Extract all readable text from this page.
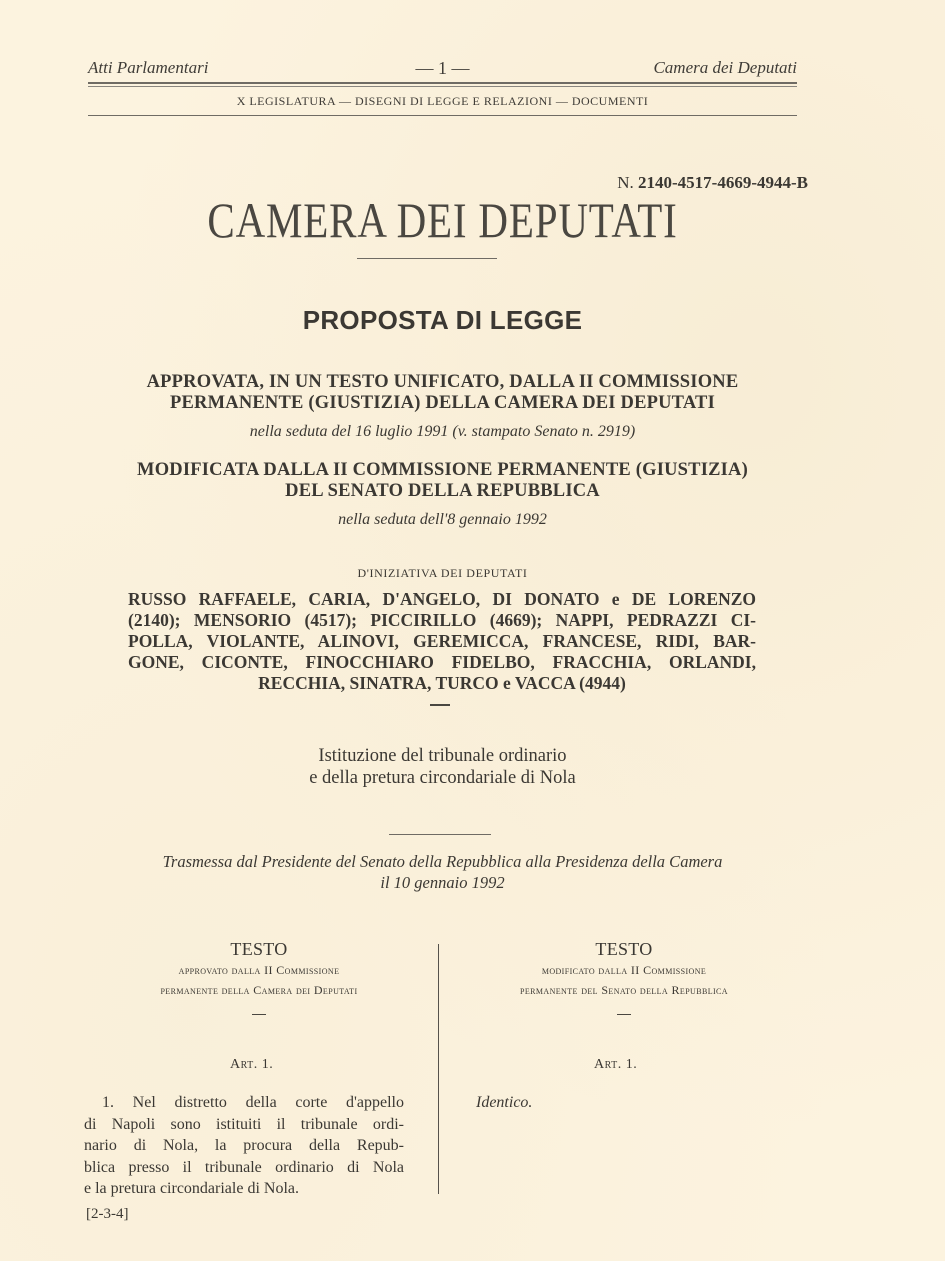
Atti Parlamentari	— 1 —	Camera dei Deputati
X LEGISLATURA — DISEGNI DI LEGGE E RELAZIONI — DOCUMENTI
N. 2140-4517-4669-4944-B
CAMERA DEI DEPUTATI
PROPOSTA DI LEGGE
APPROVATA, IN UN TESTO UNIFICATO, DALLA II COMMISSIONE
PERMANENTE (GIUSTIZIA) DELLA CAMERA DEI DEPUTATI
nella seduta del 16 luglio 1991 (v. stampato Senato n. 2919)
MODIFICATA DALLA II COMMISSIONE PERMANENTE (GIUSTIZIA)
DEL SENATO DELLA REPUBBLICA
nella seduta dell'8 gennaio 1992
D'INIZIATIVA DEI DEPUTATI
RUSSO RAFFAELE, CARIA, D'ANGELO, DI DONATO e DE LORENZO
(2140); MENSORIO (4517); PICCIRILLO (4669); NAPPI, PEDRAZZI CI-
POLLA, VIOLANTE, ALINOVI, GEREMICCA, FRANCESE, RIDI, BAR-
GONE, CICONTE, FINOCCHIARO FIDELBO, FRACCHIA, ORLANDI,
RECCHIA, SINATRA, TURCO e VACCA (4944)
Istituzione del tribunale ordinario
e della pretura circondariale di Nola
Trasmessa dal Presidente del Senato della Repubblica alla Presidenza della Camera
il 10 gennaio 1992
TESTO
approvato dalla II Commissione
permanente della Camera dei Deputati
Art. 1.
TESTO
modificato dalla II Commissione
permanente del Senato della Repubblica
Art. 1.
1. Nel distretto della corte d'appello
di Napoli sono istituiti il tribunale ordi-
nario di Nola, la procura della Repub-
blica presso il tribunale ordinario di Nola
e la pretura circondariale di Nola.
Identico.
[2-3-4]
